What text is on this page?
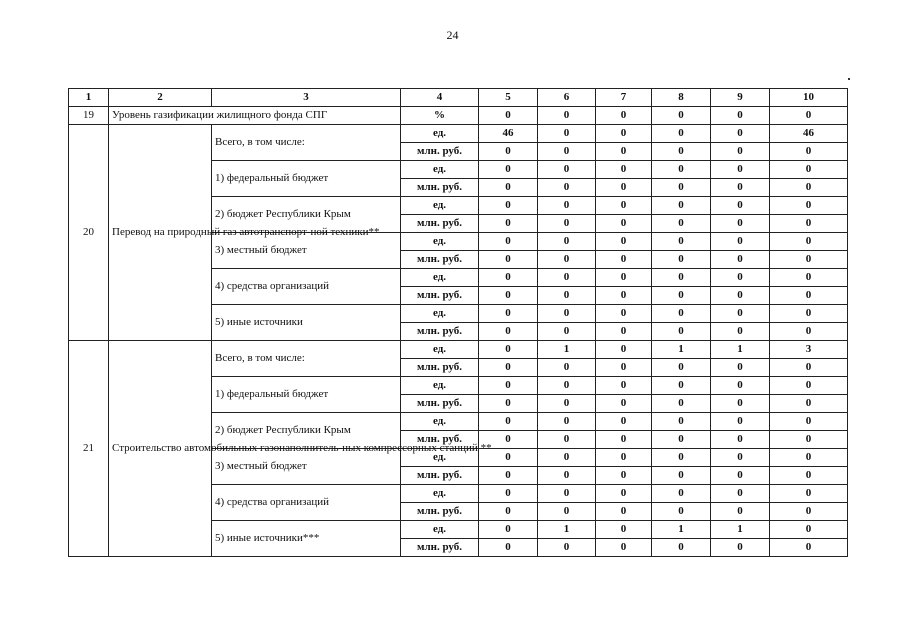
24
1	2	3	4	5	6	7	8	9	10
19	Уровень газификации жилищного фонда СПГ		%	0	0	0	0	0	0
20	Перевод на природный газ автотранспорт-ной техники**	Всего, в том числе:	ед.	46	0	0	0	0	46
			млн. руб.	0	0	0	0	0	0
		1) федеральный бюджет	ед.	0	0	0	0	0	0
			млн. руб.	0	0	0	0	0	0
		2) бюджет Республики Крым	ед.	0	0	0	0	0	0
			млн. руб.	0	0	0	0	0	0
		3) местный бюджет	ед.	0	0	0	0	0	0
			млн. руб.	0	0	0	0	0	0
		4) средства организаций	ед.	0	0	0	0	0	0
			млн. руб.	0	0	0	0	0	0
		5) иные источники	ед.	0	0	0	0	0	0
			млн. руб.	0	0	0	0	0	0
21	Строительство автомобильных газонаполнитель-ных компрессорных станций **	Всего, в том числе:	ед.	0	1	0	1	1	3
			млн. руб.	0	0	0	0	0	0
		1) федеральный бюджет	ед.	0	0	0	0	0	0
			млн. руб.	0	0	0	0	0	0
		2) бюджет Республики Крым	ед.	0	0	0	0	0	0
			млн. руб.	0	0	0	0	0	0
		3) местный бюджет	ед.	0	0	0	0	0	0
			млн. руб.	0	0	0	0	0	0
		4) средства организаций	ед.	0	0	0	0	0	0
			млн. руб.	0	0	0	0	0	0
		5) иные источники***	ед.	0	1	0	1	1	0
			млн. руб.	0	0	0	0	0	0
